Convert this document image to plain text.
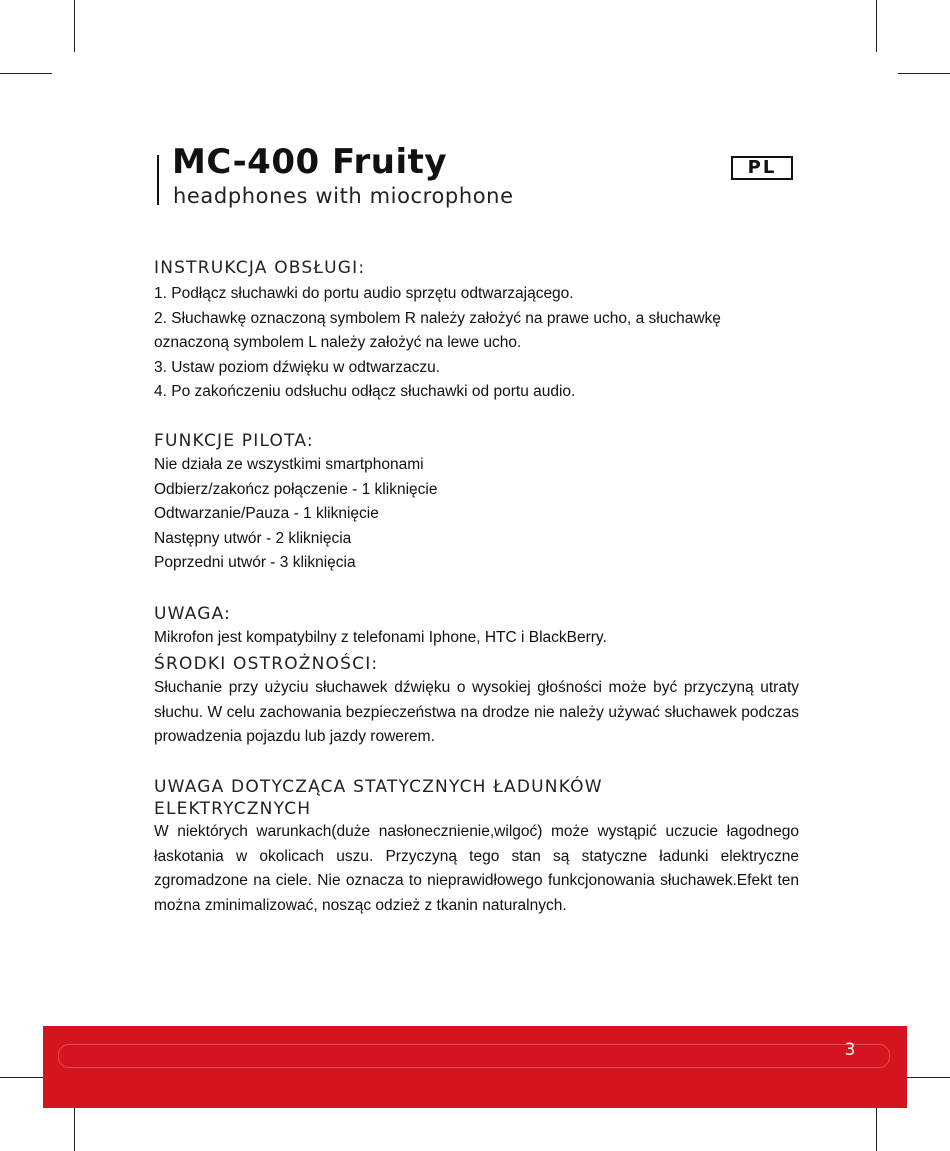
MC-400 Fruity
headphones with miocrophone
PL
INSTRUKCJA OBSŁUGI:

1. Podłącz słuchawki do portu audio sprzętu odtwarzającego.

2. Słuchawkę oznaczoną symbolem R należy założyć na prawe ucho, a słuchawkę oznaczoną symbolem L należy założyć na lewe ucho.

3. Ustaw poziom dźwięku w odtwarzaczu.

4. Po zakończeniu odsłuchu odłącz słuchawki od portu audio.

FUNKCJE PILOTA:

Nie działa ze wszystkimi smartphonami

Odbierz/zakończ połączenie - 1 kliknięcie

Odtwarzanie/Pauza - 1 kliknięcie

Następny utwór - 2 kliknięcia

Poprzedni utwór - 3 kliknięcia

UWAGA:

Mikrofon jest kompatybilny z telefonami Iphone, HTC i BlackBerry.

ŚRODKI OSTROŻNOŚCI:

Słuchanie przy użyciu słuchawek dźwięku o wysokiej głośności może być przyczyną utraty słuchu. W celu zachowania bezpieczeństwa na drodze nie należy używać słuchawek podczas prowadzenia pojazdu lub jazdy rowerem.

UWAGA DOTYCZĄCA STATYCZNYCH ŁADUNKÓW
ELEKTRYCZNYCH

W niektórych warunkach(duże nasłonecznienie,wilgoć) może wystąpić uczucie łagodnego łaskotania w okolicach uszu. Przyczyną tego stan są statyczne ładunki elektryczne zgromadzone na ciele. Nie oznacza to nieprawidłowego funkcjonowania słuchawek.Efekt ten można zminimalizować, nosząc odzież z tkanin naturalnych.

3
